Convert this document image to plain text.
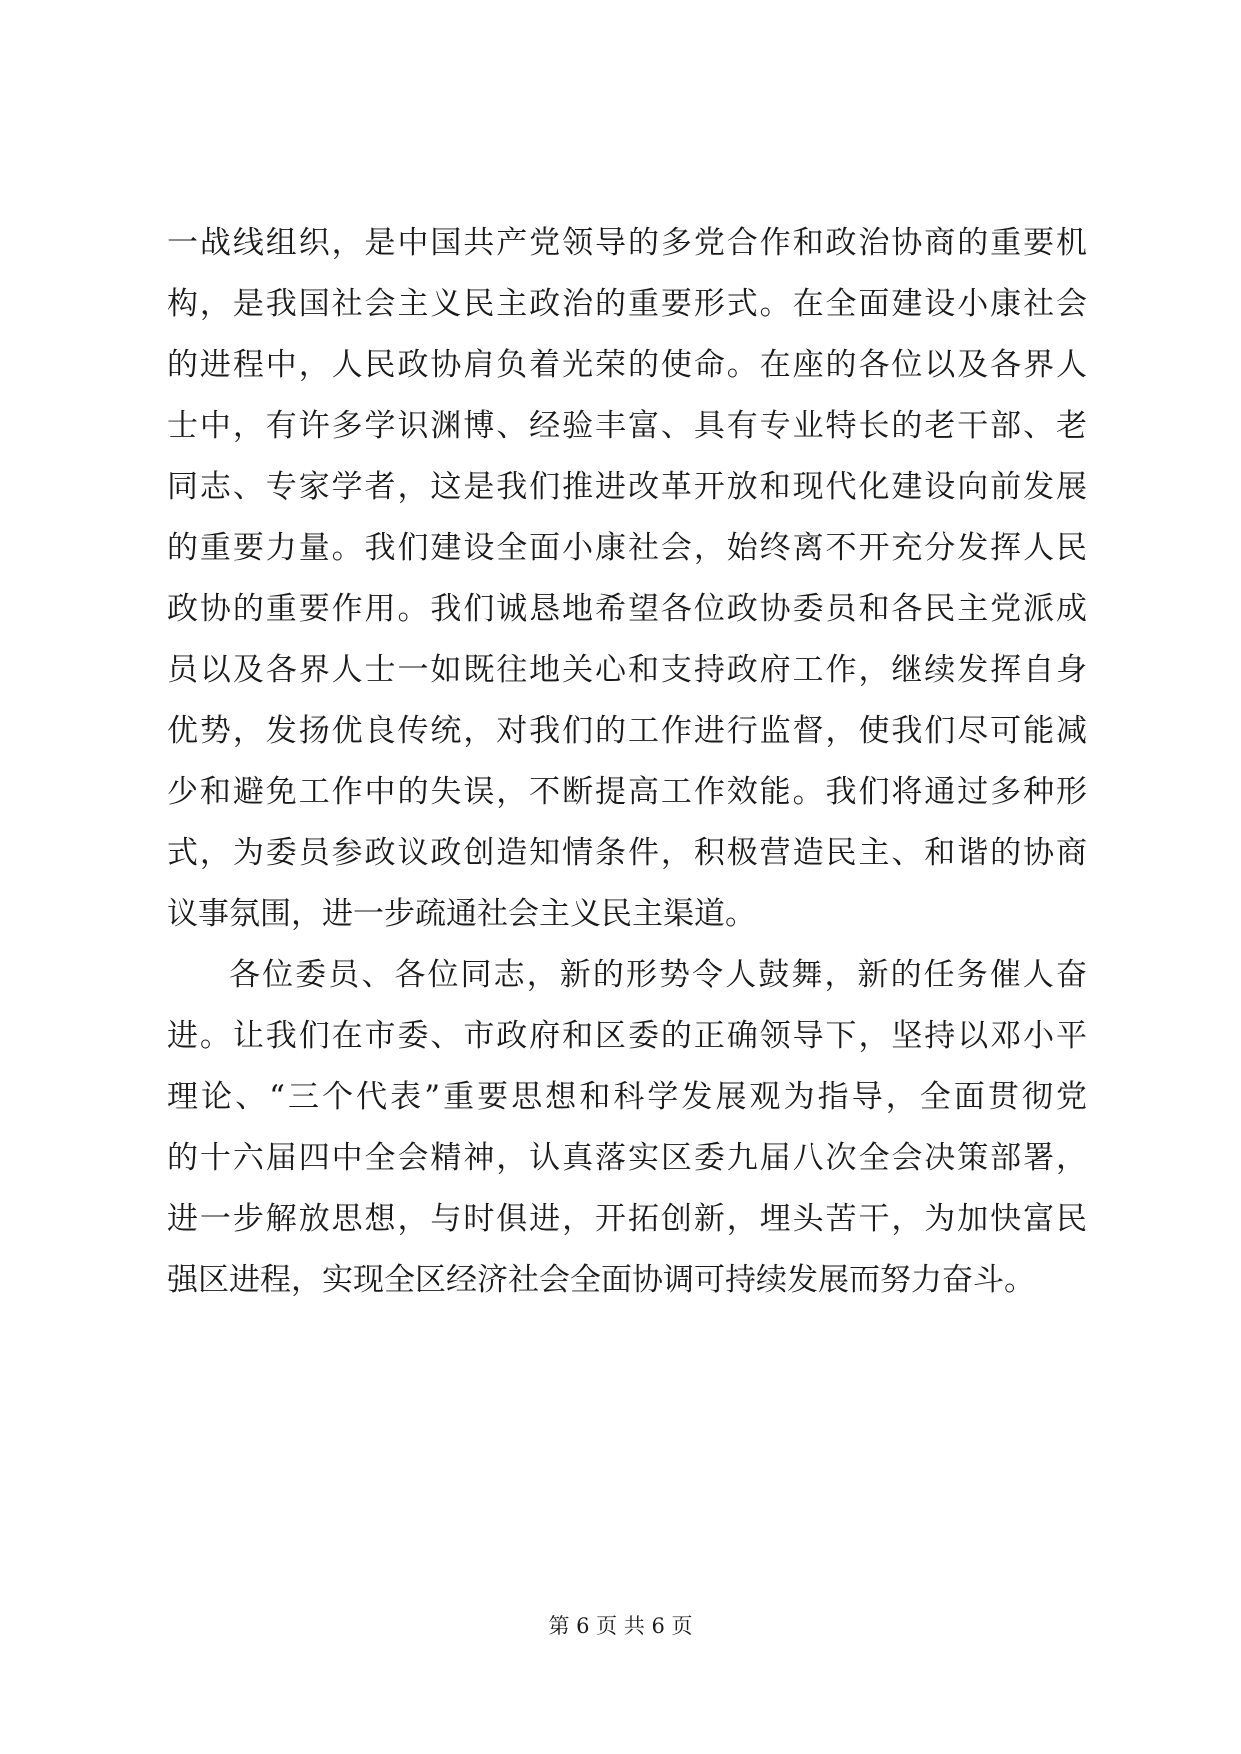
一战线组织，是中国共产党领导的多党合作和政治协商的重要机
构，是我国社会主义民主政治的重要形式。在全面建设小康社会
的进程中，人民政协肩负着光荣的使命。在座的各位以及各界人
士中，有许多学识渊博、经验丰富、具有专业特长的老干部、老
同志、专家学者，这是我们推进改革开放和现代化建设向前发展
的重要力量。我们建设全面小康社会，始终离不开充分发挥人民
政协的重要作用。我们诚恳地希望各位政协委员和各民主党派成
员以及各界人士一如既往地关心和支持政府工作，继续发挥自身
优势，发扬优良传统，对我们的工作进行监督，使我们尽可能减
少和避免工作中的失误，不断提高工作效能。我们将通过多种形
式，为委员参政议政创造知情条件，积极营造民主、和谐的协商
议事氛围，进一步疏通社会主义民主渠道。
各位委员、各位同志，新的形势令人鼓舞，新的任务催人奋
进。让我们在市委、市政府和区委的正确领导下，坚持以邓小平
理论、“三个代表”重要思想和科学发展观为指导，全面贯彻党
的十六届四中全会精神，认真落实区委九届八次全会决策部署，
进一步解放思想，与时俱进，开拓创新，埋头苦干，为加快富民
强区进程，实现全区经济社会全面协调可持续发展而努力奋斗。
第 6 页 共 6 页
